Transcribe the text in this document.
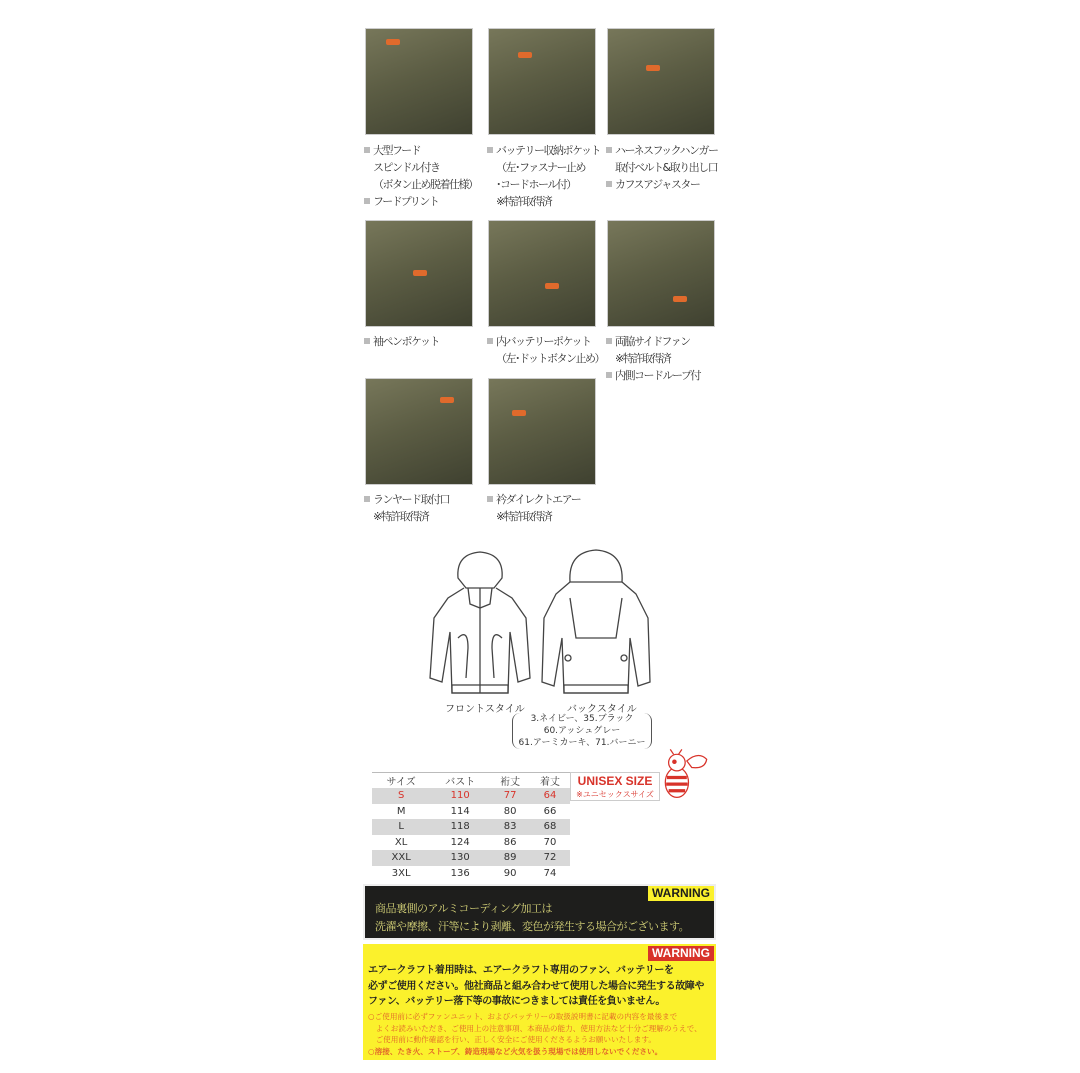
大型フード
スピンドル付き
（ボタン止め脱着仕様）
フードプリント
バッテリー収納ポケット
（左･ファスナー止め
･コードホール付）
※特許取得済
ハーネスフックハンガー
取付ベルト&取り出し口
カフスアジャスター
袖ペンポケット	内バッテリーポケット
（左･ドットボタン止め）
両脇サイドファン
※特許取得済
内側コードループ付
ランヤード取付口
※特許取得済
衿ダイレクトエアー
※特許取得済
フロントスタイル	バックスタイル
3.ネイビー、35.ブラック
60.アッシュグレー
61.アーミカーキ、71.バーニー
サイズ	バスト	裄丈	着丈
S	110	77	64
M	114	80	66
L	118	83	68
XL	124	86	70
XXL	130	89	72
3XL	136	90	74
UNISEX SIZE
※ユニセックスサイズ
WARNING
商品裏側のアルミコーディング加工は
洗濯や摩擦、汗等により剥離、変色が発生する場合がございます。
WARNING
エアークラフト着用時は、エアークラフト専用のファン、バッテリーを
必ずご使用ください。他社商品と組み合わせて使用した場合に発生する故障や
ファン、バッテリー落下等の事故につきましては責任を負いません。
○ご使用前に必ずファンユニット、およびバッテリーの取扱説明書に記載の内容を最後まで
　よくお読みいただき、ご使用上の注意事項、本商品の能力、使用方法など十分ご理解のうえで、
　ご使用前に動作確認を行い、正しく安全にご使用くださるようお願いいたします。
○溶接、たき火、ストーブ、鋳造現場など火気を扱う現場では使用しないでください。
